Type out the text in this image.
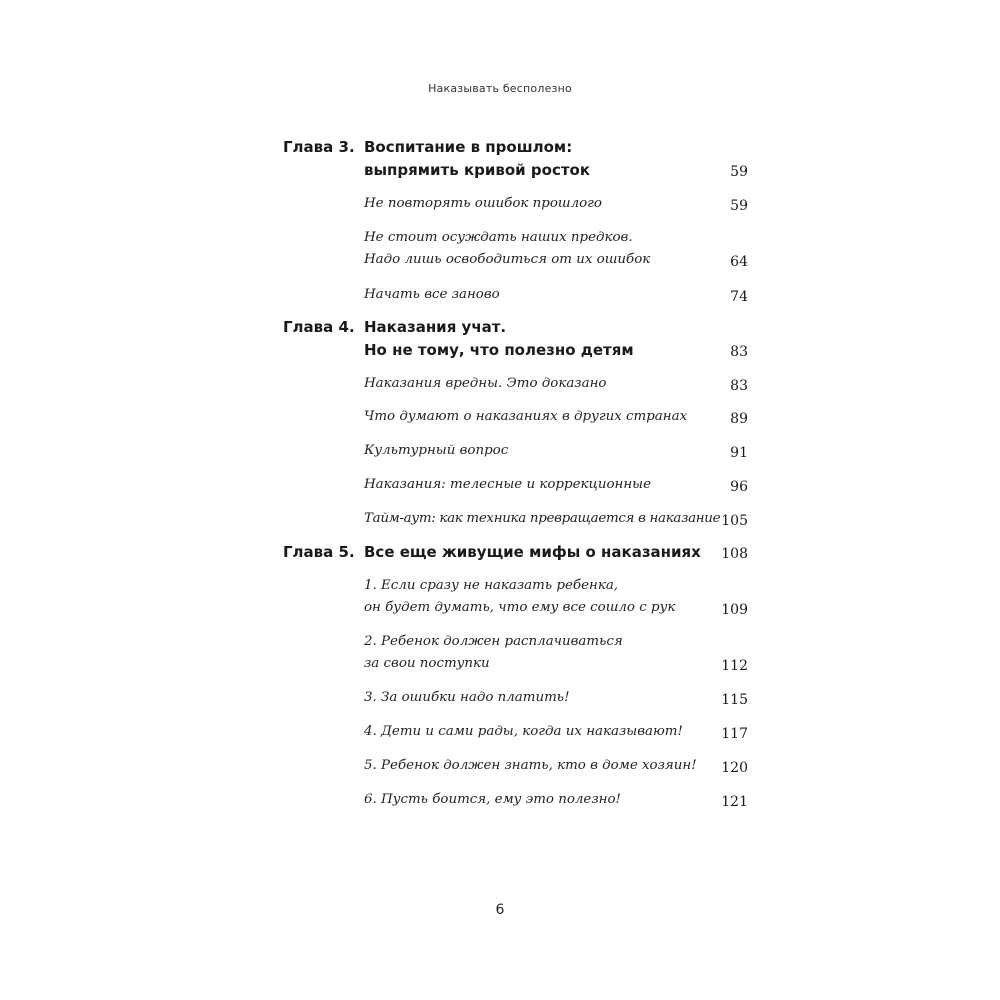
Наказывать бесполезно
Глава 3. Воспитание в прошлом:
выпрямить кривой росток	59
Не повторять ошибок прошлого	59
Не стоит осуждать наших предков.
Надо лишь освободиться от их ошибок	64
Начать все заново	74
Глава 4. Наказания учат.
Но не тому, что полезно детям	83
Наказания вредны. Это доказано	83
Что думают о наказаниях в других странах	89
Культурный вопрос	91
Наказания: телесные и коррекционные	96
Тайм-аут: как техника превращается в наказание 105
Глава 5. Все еще живущие мифы о наказаниях 108
1. Если сразу не наказать ребенка,
он будет думать, что ему все сошло с рук	109
2. Ребенок должен расплачиваться
за свои поступки	112
3. За ошибки надо платить!	115
4. Дети и сами рады, когда их наказывают!	117
5. Ребенок должен знать, кто в доме хозяин!	120
6. Пусть боится, ему это полезно!	121
6
